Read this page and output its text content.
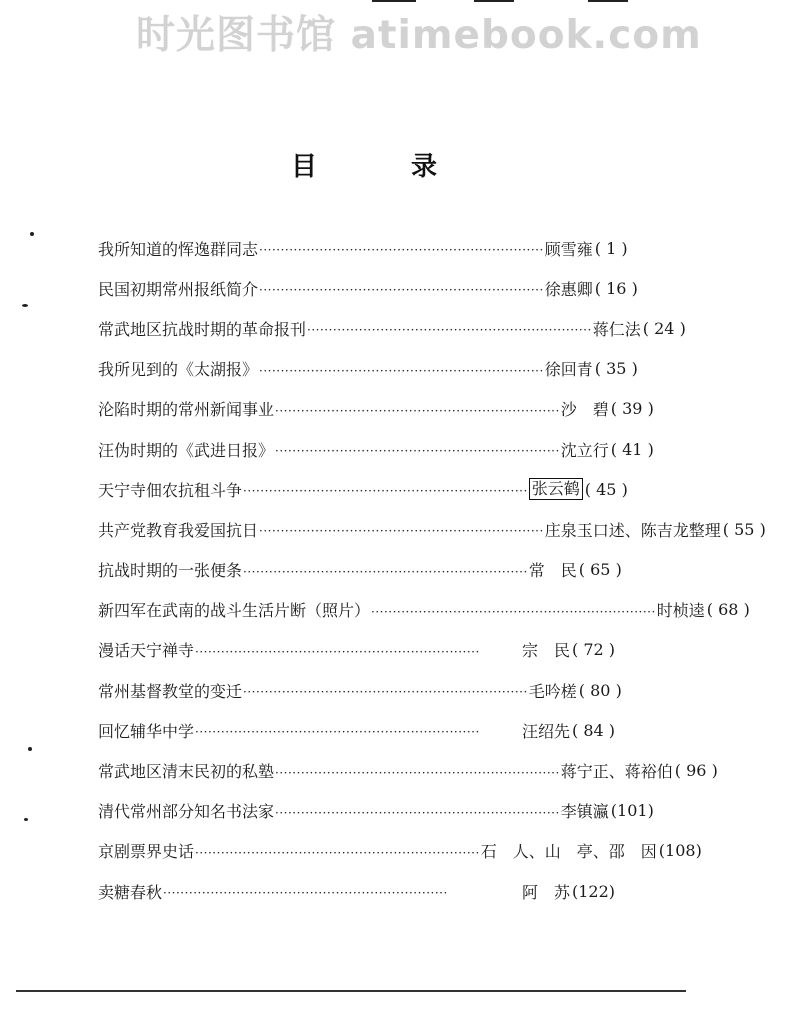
时光图书馆 atimebook.com
目	录
我所知道的恽逸群同志 ·································································· 顾雪雍 ( 1 )
民国初期常州报纸简介 ·································································· 徐惠卿 ( 16 )
常武地区抗战时期的革命报刊 ·································································· 蒋仁法 ( 24 )
我所见到的《太湖报》 ·································································· 徐回青 ( 35 )
沦陷时期的常州新闻事业 ·································································· 沙　碧 ( 39 )
汪伪时期的《武进日报》 ·································································· 沈立行 ( 41 )
天宁寺佃农抗租斗争 ·································································· 张云鹤 ( 45 )
共产党教育我爱国抗日 ·································································· 庄泉玉口述、陈吉龙整理 ( 55 )
抗战时期的一张便条 ·································································· 常　民 ( 65 )
新四军在武南的战斗生活片断（照片） ·································································· 时桢逵 ( 68 )
漫话天宁禅寺 ··································································	宗　民 ( 72 )
常州基督教堂的变迁 ·································································· 毛吟槎 ( 80 )
回忆辅华中学 ··································································	汪绍先 ( 84 )
常武地区清末民初的私塾 ·································································· 蒋宁正、蒋裕伯 ( 96 )
清代常州部分知名书法家 ·································································· 李镇瀛 (101)
京剧票界史话 ·································································· 石　人、山　亭、邵　因 (108)
卖糖春秋 ··································································	阿　苏 (122)
